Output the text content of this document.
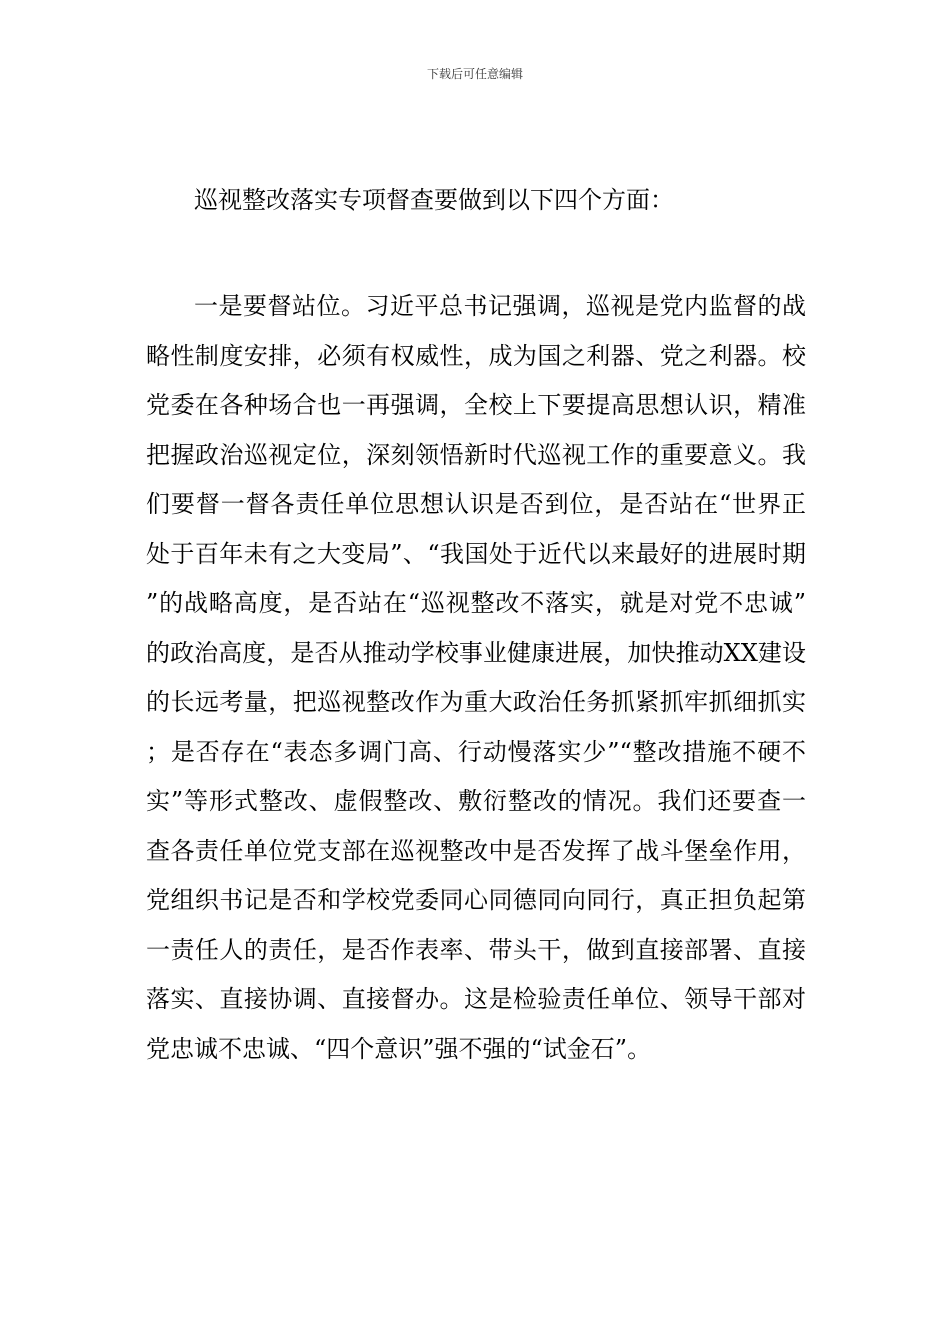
下载后可任意编辑
巡视整改落实专项督查要做到以下四个方面：

一是要督站位。习近平总书记强调，巡视是党内监督的战略性制度安排，必须有权威性，成为国之利器、党之利器。校党委在各种场合也一再强调，全校上下要提高思想认识，精准把握政治巡视定位，深刻领悟新时代巡视工作的重要意义。我们要督一督各责任单位思想认识是否到位，是否站在“世界正处于百年未有之大变局”、“我国处于近代以来最好的进展时期”的战略高度，是否站在“巡视整改不落实，就是对党不忠诚”的政治高度，是否从推动学校事业健康进展，加快推动XX建设的长远考量，把巡视整改作为重大政治任务抓紧抓牢抓细抓实；是否存在“表态多调门高、行动慢落实少”“整改措施不硬不实”等形式整改、虚假整改、敷衍整改的情况。我们还要查一查各责任单位党支部在巡视整改中是否发挥了战斗堡垒作用，党组织书记是否和学校党委同心同德同向同行，真正担负起第一责任人的责任，是否作表率、带头干，做到直接部署、直接落实、直接协调、直接督办。这是检验责任单位、领导干部对党忠诚不忠诚、“四个意识”强不强的“试金石”。
